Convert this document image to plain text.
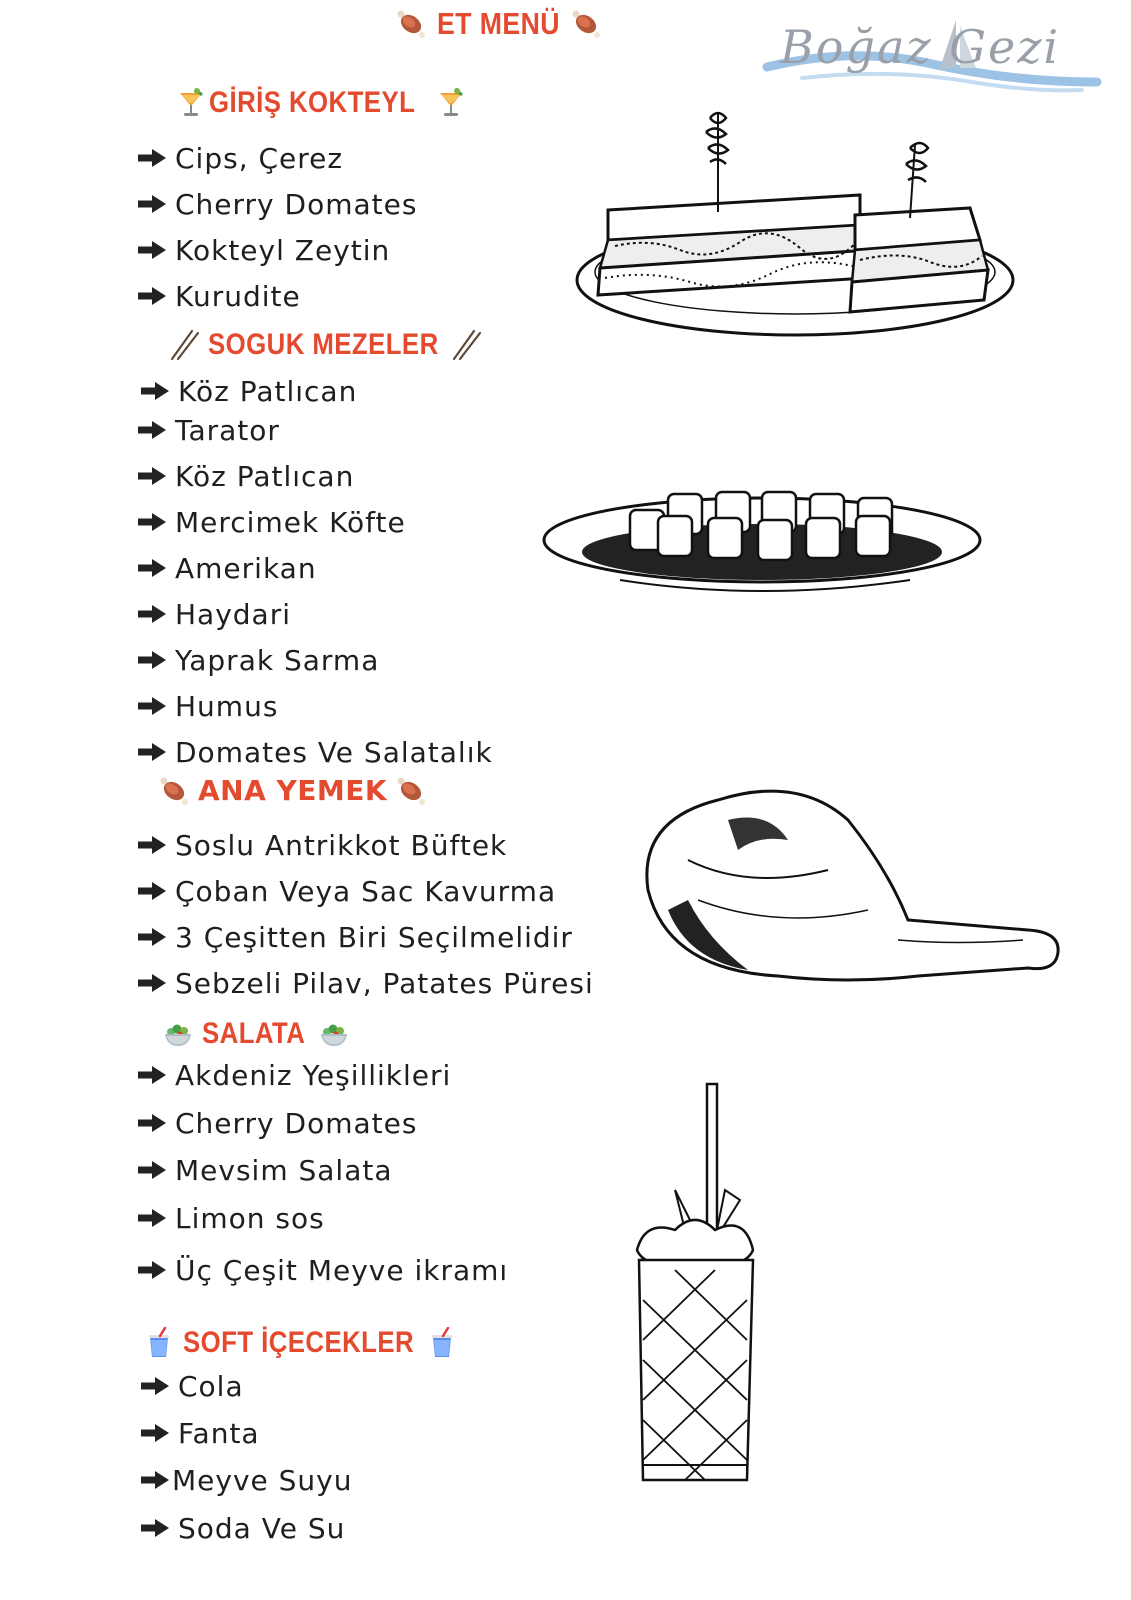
ET MENÜ	Boğaz Gezi
GİRİŞ KOKTEYL
Cips, Çerez
Cherry Domates
Kokteyl Zeytin
Kurudite
SOGUK MEZELER
Köz Patlıcan
Tarator
Köz Patlıcan
Mercimek Köfte
Amerikan
Haydari
Yaprak Sarma
Humus
Domates Ve Salatalık
ANA YEMEK
Soslu Antrikkot Büftek
Çoban Veya Sac Kavurma
3 Çeşitten Biri Seçilmelidir
Sebzeli Pilav, Patates Püresi
SALATA
Akdeniz Yeşillikleri
Cherry Domates
Mevsim Salata
Limon sos
Üç Çeşit Meyve ikramı
SOFT İÇECEKLER
Cola
Fanta
Meyve Suyu
Soda Ve Su
